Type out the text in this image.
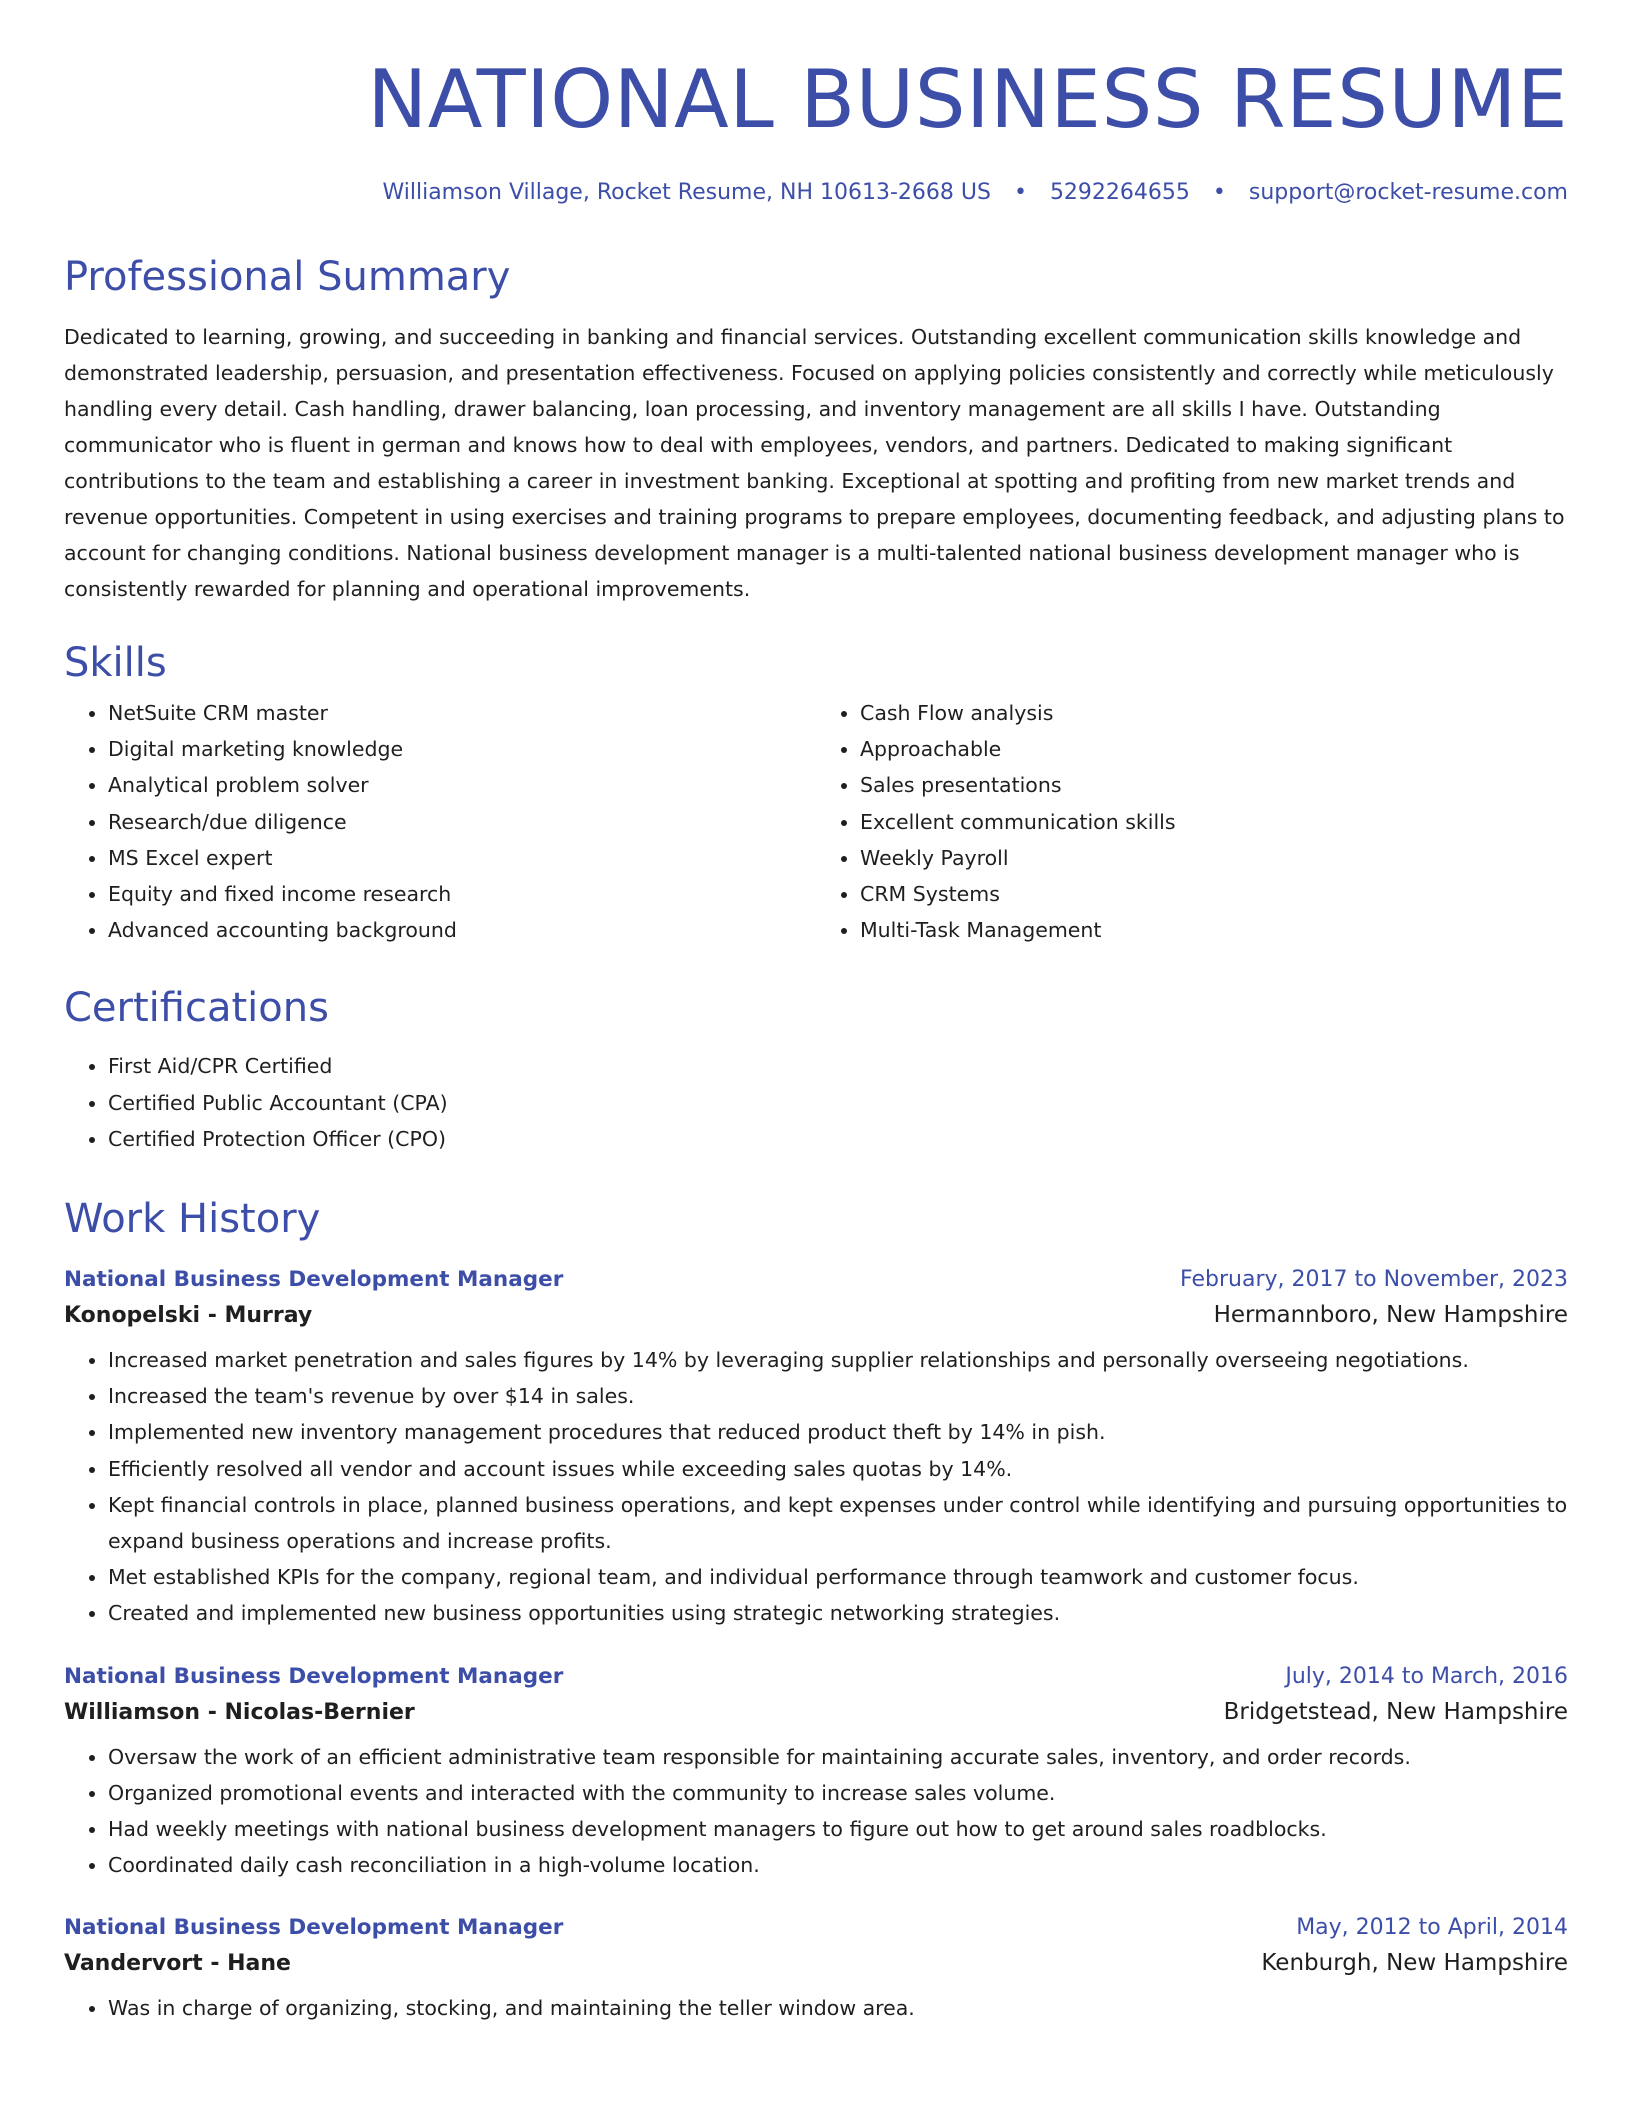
NATIONAL BUSINESS RESUME
Williamson Village, Rocket Resume, NH 10613-2668 US • 5292264655 • support@rocket-resume.com
Professional Summary
Dedicated to learning, growing, and succeeding in banking and financial services. Outstanding excellent communication skills knowledge and demonstrated leadership, persuasion, and presentation effectiveness. Focused on applying policies consistently and correctly while meticulously handling every detail. Cash handling, drawer balancing, loan processing, and inventory management are all skills I have. Outstanding communicator who is fluent in german and knows how to deal with employees, vendors, and partners. Dedicated to making significant contributions to the team and establishing a career in investment banking. Exceptional at spotting and profiting from new market trends and revenue opportunities. Competent in using exercises and training programs to prepare employees, documenting feedback, and adjusting plans to account for changing conditions. National business development manager is a multi-talented national business development manager who is consistently rewarded for planning and operational improvements.
Skills
• NetSuite CRM master
• Digital marketing knowledge
• Analytical problem solver
• Research/due diligence
• MS Excel expert
• Equity and fixed income research
• Advanced accounting background
• Cash Flow analysis
• Approachable
• Sales presentations
• Excellent communication skills
• Weekly Payroll
• CRM Systems
• Multi-Task Management
Certifications
• First Aid/CPR Certified
• Certified Public Accountant (CPA)
• Certified Protection Officer (CPO)
Work History
National Business Development Manager	February, 2017 to November, 2023
Konopelski - Murray	Hermannboro, New Hampshire
• Increased market penetration and sales figures by 14% by leveraging supplier relationships and personally overseeing negotiations.
• Increased the team's revenue by over $14 in sales.
• Implemented new inventory management procedures that reduced product theft by 14% in pish.
• Efficiently resolved all vendor and account issues while exceeding sales quotas by 14%.
• Kept financial controls in place, planned business operations, and kept expenses under control while identifying and pursuing opportunities to expand business operations and increase profits.
• Met established KPIs for the company, regional team, and individual performance through teamwork and customer focus.
• Created and implemented new business opportunities using strategic networking strategies.
National Business Development Manager	July, 2014 to March, 2016
Williamson - Nicolas-Bernier	Bridgetstead, New Hampshire
• Oversaw the work of an efficient administrative team responsible for maintaining accurate sales, inventory, and order records.
• Organized promotional events and interacted with the community to increase sales volume.
• Had weekly meetings with national business development managers to figure out how to get around sales roadblocks.
• Coordinated daily cash reconciliation in a high-volume location.
National Business Development Manager	May, 2012 to April, 2014
Vandervort - Hane	Kenburgh, New Hampshire
• Was in charge of organizing, stocking, and maintaining the teller window area.
